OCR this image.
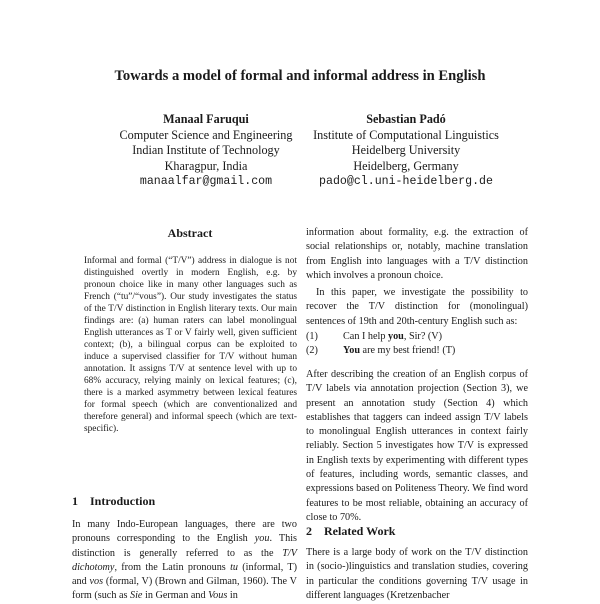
Towards a model of formal and informal address in English
Manaal Faruqui
Computer Science and Engineering
Indian Institute of Technology
Kharagpur, India
manaalfar@gmail.com
Sebastian Padó
Institute of Computational Linguistics
Heidelberg University
Heidelberg, Germany
pado@cl.uni-heidelberg.de
Abstract
Informal and formal (“T/V”) address in dialogue is not distinguished overtly in modern English, e.g. by pronoun choice like in many other languages such as French (“tu”/“vous”). Our study investigates the status of the T/V distinction in English literary texts. Our main findings are: (a) human raters can label monolingual English utterances as T or V fairly well, given sufficient context; (b), a bilingual corpus can be exploited to induce a supervised classifier for T/V without human annotation. It assigns T/V at sentence level with up to 68% accuracy, relying mainly on lexical features; (c), there is a marked asymmetry between lexical features for formal speech (which are conventionalized and therefore general) and informal speech (which are text-specific).
1 Introduction

In many Indo-European languages, there are two pronouns corresponding to the English you. This distinction is generally referred to as the T/V dichotomy, from the Latin pronouns tu (informal, T) and vos (formal, V) (Brown and Gilman, 1960). The V form (such as Sie in German and Vous in

information about formality, e.g. the extraction of social relationships or, notably, machine translation from English into languages with a T/V distinction which involves a pronoun choice.

In this paper, we investigate the possibility to recover the T/V distinction for (monolingual) sentences of 19th and 20th-century English such as:

(1) Can I help you, Sir? (V)
(2) You are my best friend! (T)

After describing the creation of an English corpus of T/V labels via annotation projection (Section 3), we present an annotation study (Section 4) which establishes that taggers can indeed assign T/V labels to monolingual English utterances in context fairly reliably. Section 5 investigates how T/V is expressed in English texts by experimenting with different types of features, including words, semantic classes, and expressions based on Politeness Theory. We find word features to be most reliable, obtaining an accuracy of close to 70%.

2 Related Work

There is a large body of work on the T/V distinction in (socio-)linguistics and translation studies, covering in particular the conditions governing T/V usage in different languages (Kretzenbacher
